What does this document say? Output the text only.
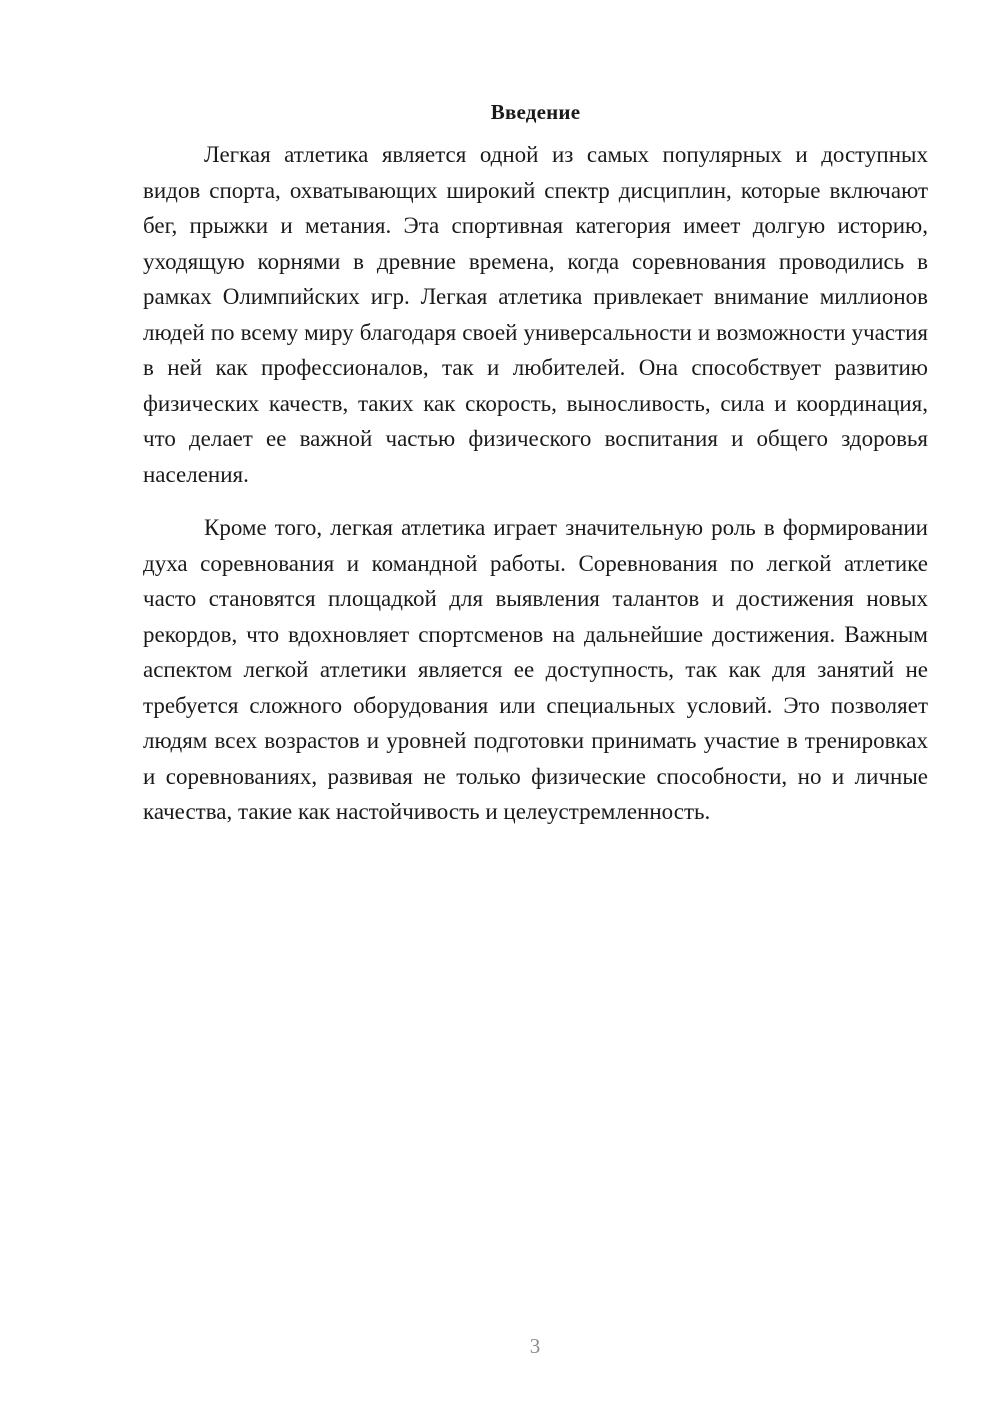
Введение

Легкая атлетика является одной из самых популярных и доступных видов спорта, охватывающих широкий спектр дисциплин, которые включают бег, прыжки и метания. Эта спортивная категория имеет долгую историю, уходящую корнями в древние времена, когда соревнования проводились в рамках Олимпийских игр. Легкая атлетика привлекает внимание миллионов людей по всему миру благодаря своей универсальности и возможности участия в ней как профессионалов, так и любителей. Она способствует развитию физических качеств, таких как скорость, выносливость, сила и координация, что делает ее важной частью физического воспитания и общего здоровья населения.

Кроме того, легкая атлетика играет значительную роль в формировании духа соревнования и командной работы. Соревнования по легкой атлетике часто становятся площадкой для выявления талантов и достижения новых рекордов, что вдохновляет спортсменов на дальнейшие достижения. Важным аспектом легкой атлетики является ее доступность, так как для занятий не требуется сложного оборудования или специальных условий. Это позволяет людям всех возрастов и уровней подготовки принимать участие в тренировках и соревнованиях, развивая не только физические способности, но и личные качества, такие как настойчивость и целеустремленность.

3
